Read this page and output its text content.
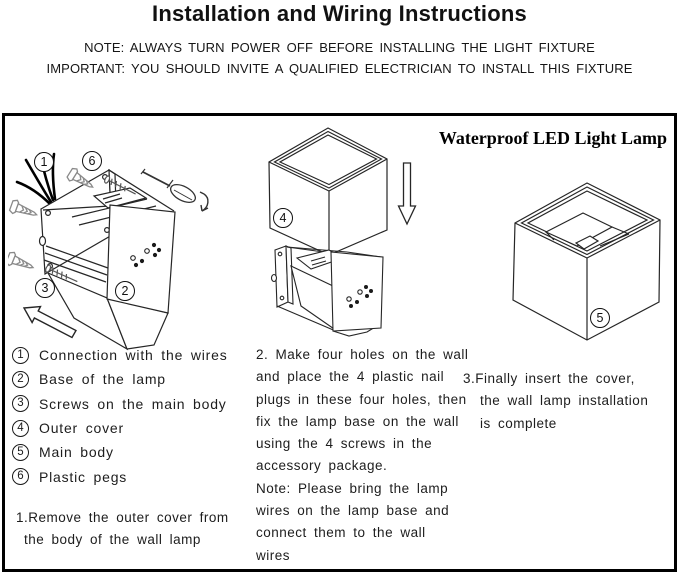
Installation and Wiring Instructions
NOTE: ALWAYS TURN POWER OFF BEFORE INSTALLING THE LIGHT FIXTURE
IMPORTANT: YOU SHOULD INVITE A QUALIFIED ELECTRICIAN TO INSTALL THIS FIXTURE
Waterproof LED Light Lamp
1	6
3	2
4
5
1	Connection with the wires
2	Base of the lamp
3	Screws on the main body
4	Outer cover
5	Main body
6	Plastic pegs
1.Remove the outer cover from
the body of the wall lamp
2. Make four holes on the wall
and place the 4 plastic nail
plugs in these four holes, then
fix the lamp base on the wall
using the 4 screws in the
accessory package.
Note: Please bring the lamp
wires on the lamp base and
connect them to the wall
wires
3.Finally insert the cover,
the wall lamp installation
is complete
